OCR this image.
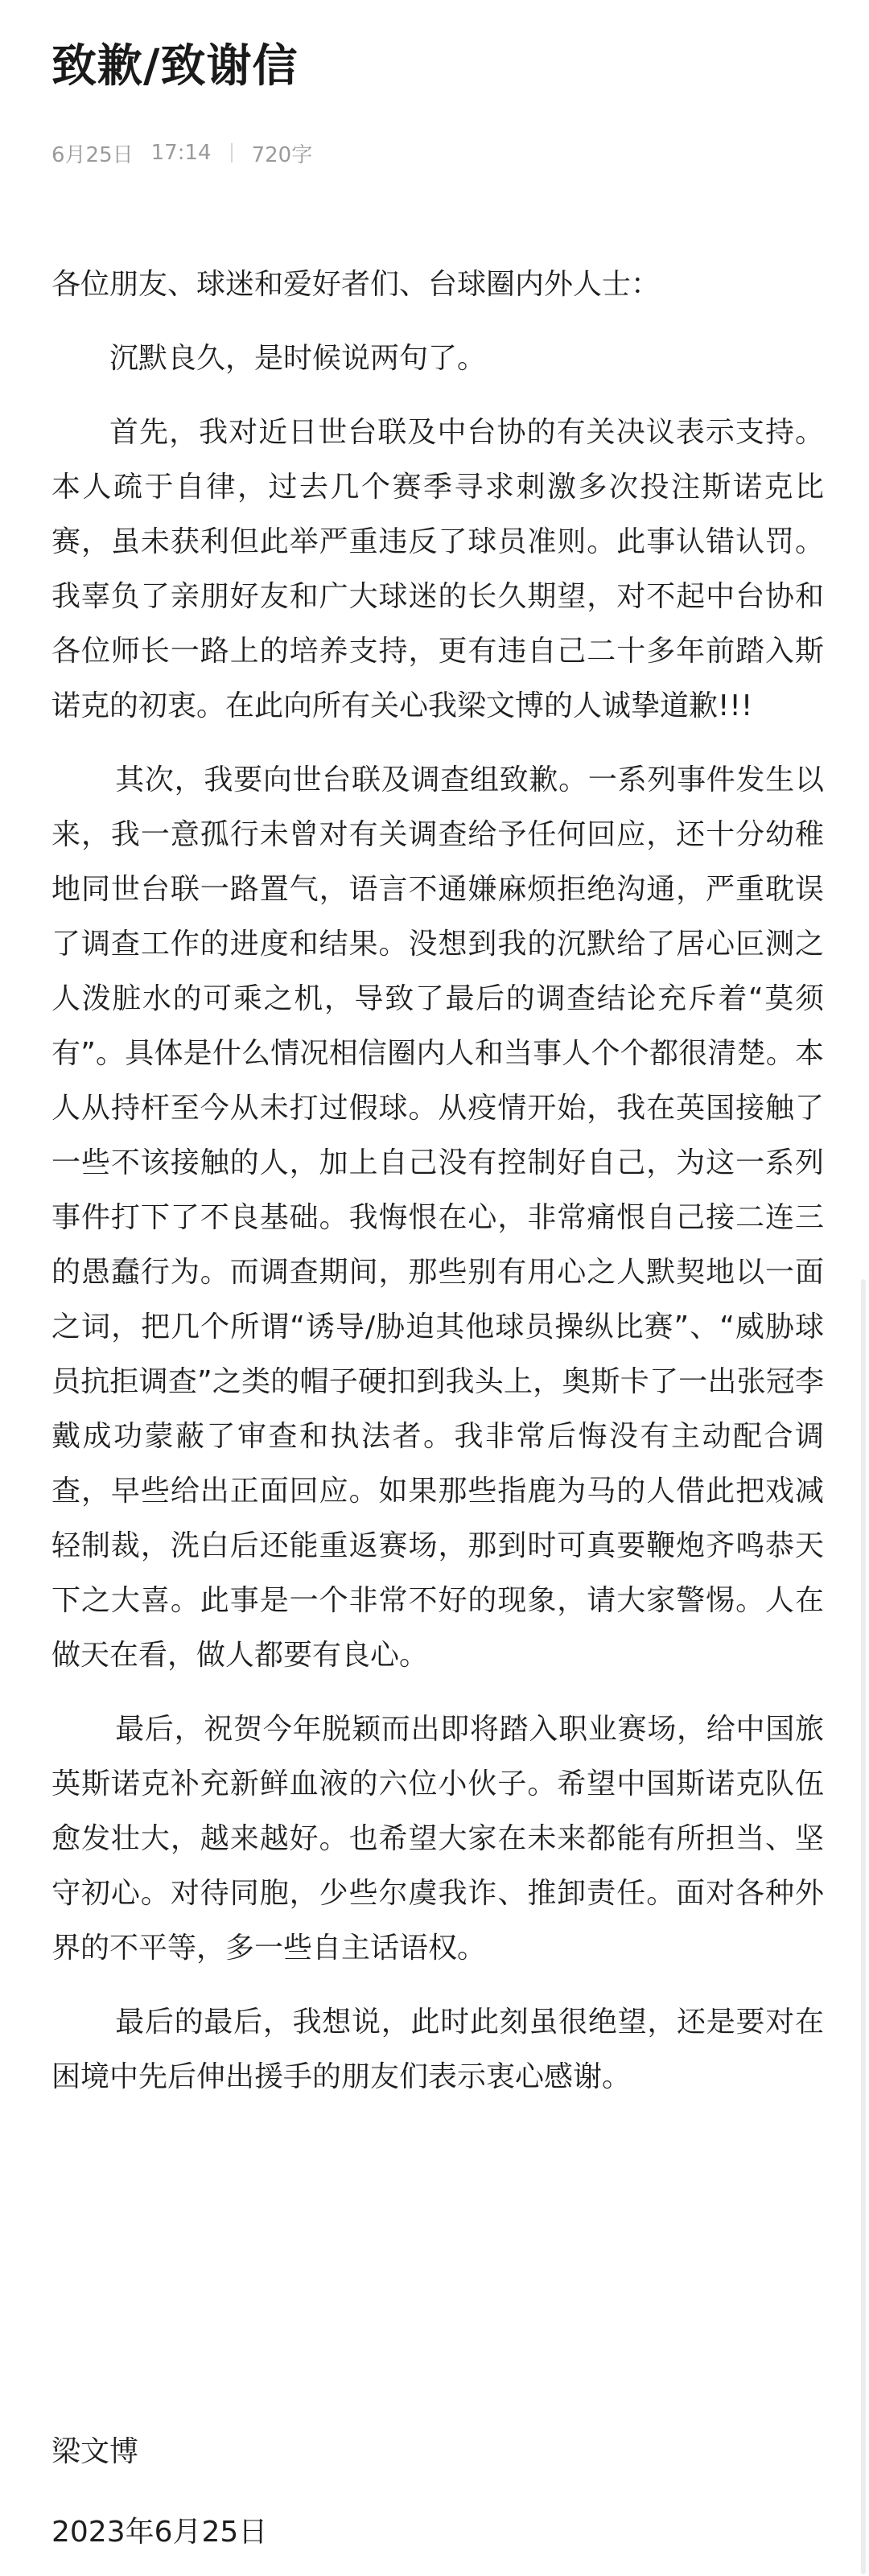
致歉/致谢信
6月25日 17:14 720字

各位朋友、球迷和爱好者们、台球圈内外人士：

沉默良久，是时候说两句了。

首先，我对近日世台联及中台协的有关决议表示支持。本人疏于自律，过去几个赛季寻求刺激多次投注斯诺克比赛，虽未获利但此举严重违反了球员准则。此事认错认罚。我辜负了亲朋好友和广大球迷的长久期望，对不起中台协和各位师长一路上的培养支持，更有违自己二十多年前踏入斯诺克的初衷。在此向所有关心我梁文博的人诚挚道歉!!!

其次，我要向世台联及调查组致歉。一系列事件发生以来，我一意孤行未曾对有关调查给予任何回应，还十分幼稚地同世台联一路置气，语言不通嫌麻烦拒绝沟通，严重耽误了调查工作的进度和结果。没想到我的沉默给了居心叵测之人泼脏水的可乘之机，导致了最后的调查结论充斥着“莫须有”。具体是什么情况相信圈内人和当事人个个都很清楚。本人从持杆至今从未打过假球。从疫情开始，我在英国接触了一些不该接触的人，加上自己没有控制好自己，为这一系列事件打下了不良基础。我悔恨在心，非常痛恨自己接二连三的愚蠢行为。而调查期间，那些别有用心之人默契地以一面之词，把几个所谓“诱导/胁迫其他球员操纵比赛”、“威胁球员抗拒调查”之类的帽子硬扣到我头上，奥斯卡了一出张冠李戴成功蒙蔽了审查和执法者。我非常后悔没有主动配合调查，早些给出正面回应。如果那些指鹿为马的人借此把戏减轻制裁，洗白后还能重返赛场，那到时可真要鞭炮齐鸣恭天下之大喜。此事是一个非常不好的现象，请大家警惕。人在做天在看，做人都要有良心。

最后，祝贺今年脱颖而出即将踏入职业赛场，给中国旅英斯诺克补充新鲜血液的六位小伙子。希望中国斯诺克队伍愈发壮大，越来越好。也希望大家在未来都能有所担当、坚守初心。对待同胞，少些尔虞我诈、推卸责任。面对各种外界的不平等，多一些自主话语权。

最后的最后，我想说，此时此刻虽很绝望，还是要对在困境中先后伸出援手的朋友们表示衷心感谢。

梁文博
2023年6月25日
